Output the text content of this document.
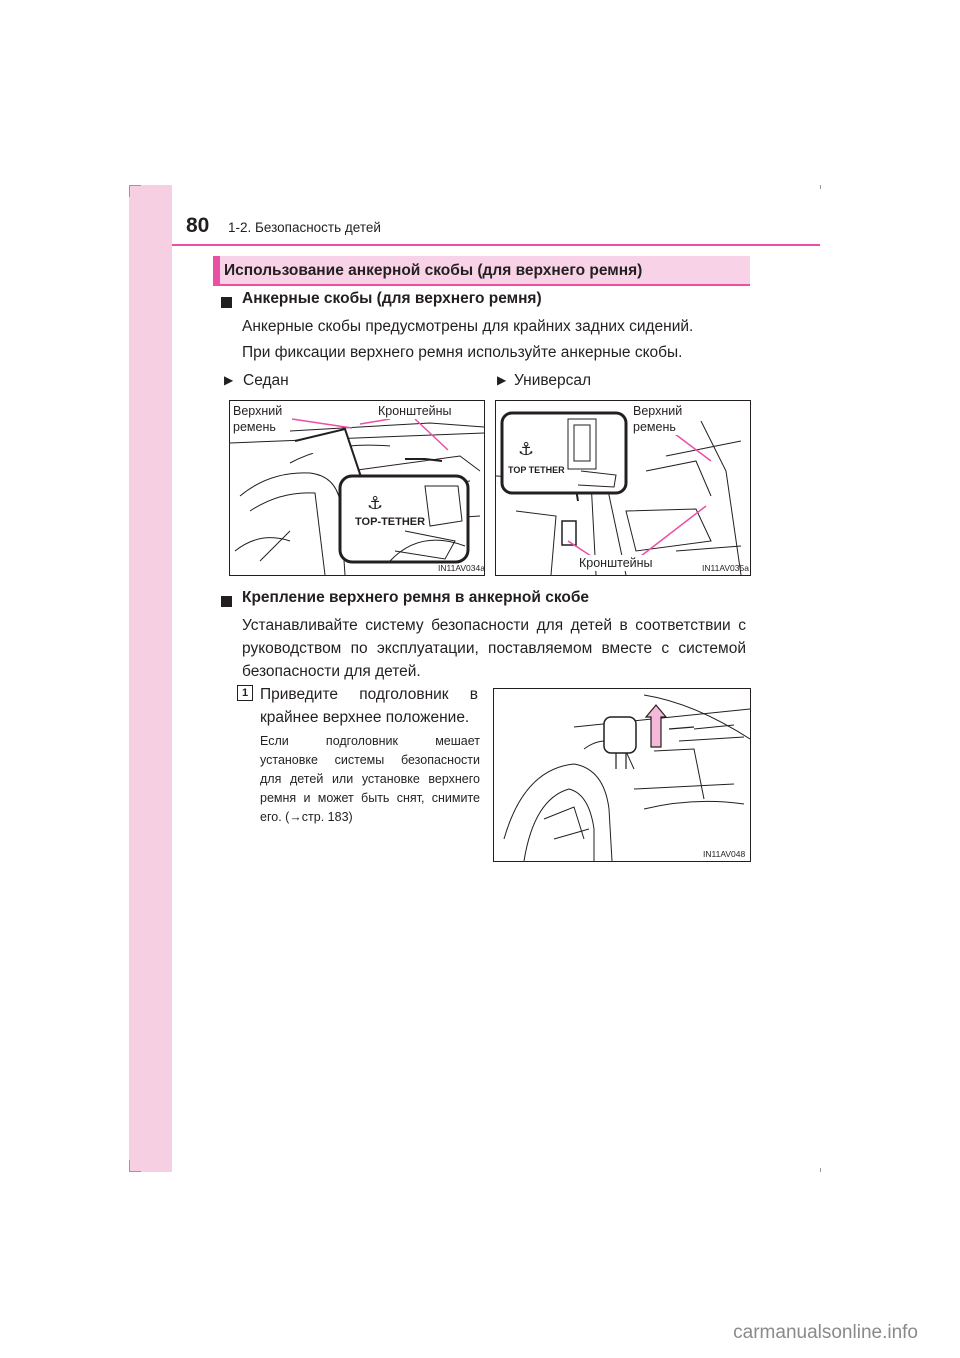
80 1-2. Безопасность детей
Использование анкерной скобы (для верхнего ремня)
Анкерные скобы (для верхнего ремня)
Анкерные скобы предусмотрены для крайних задних сидений.
При фиксации верхнего ремня используйте анкерные скобы.
▶ Седан	▶ Универсал
TOP-TETHER
⚓
Верхний
ремень
Кронштейны
IN11AV034a
⚓
TOP TETHER
Верхний
ремень
Кронштейны	IN11AV035a
Крепление верхнего ремня в анкерной скобе
Устанавливайте систему безопасности для детей в соответствии с
руководством по эксплуатации, поставляемом вместе с системой
безопасности для детей.
1 Приведите подголовник в
крайнее верхнее положение.
Если подголовник мешает
установке системы безопасности
для детей или установке верхнего
ремня и может быть снят, снимите
его. (→стр. 183)
IN11AV048
carmanualsonline.info
